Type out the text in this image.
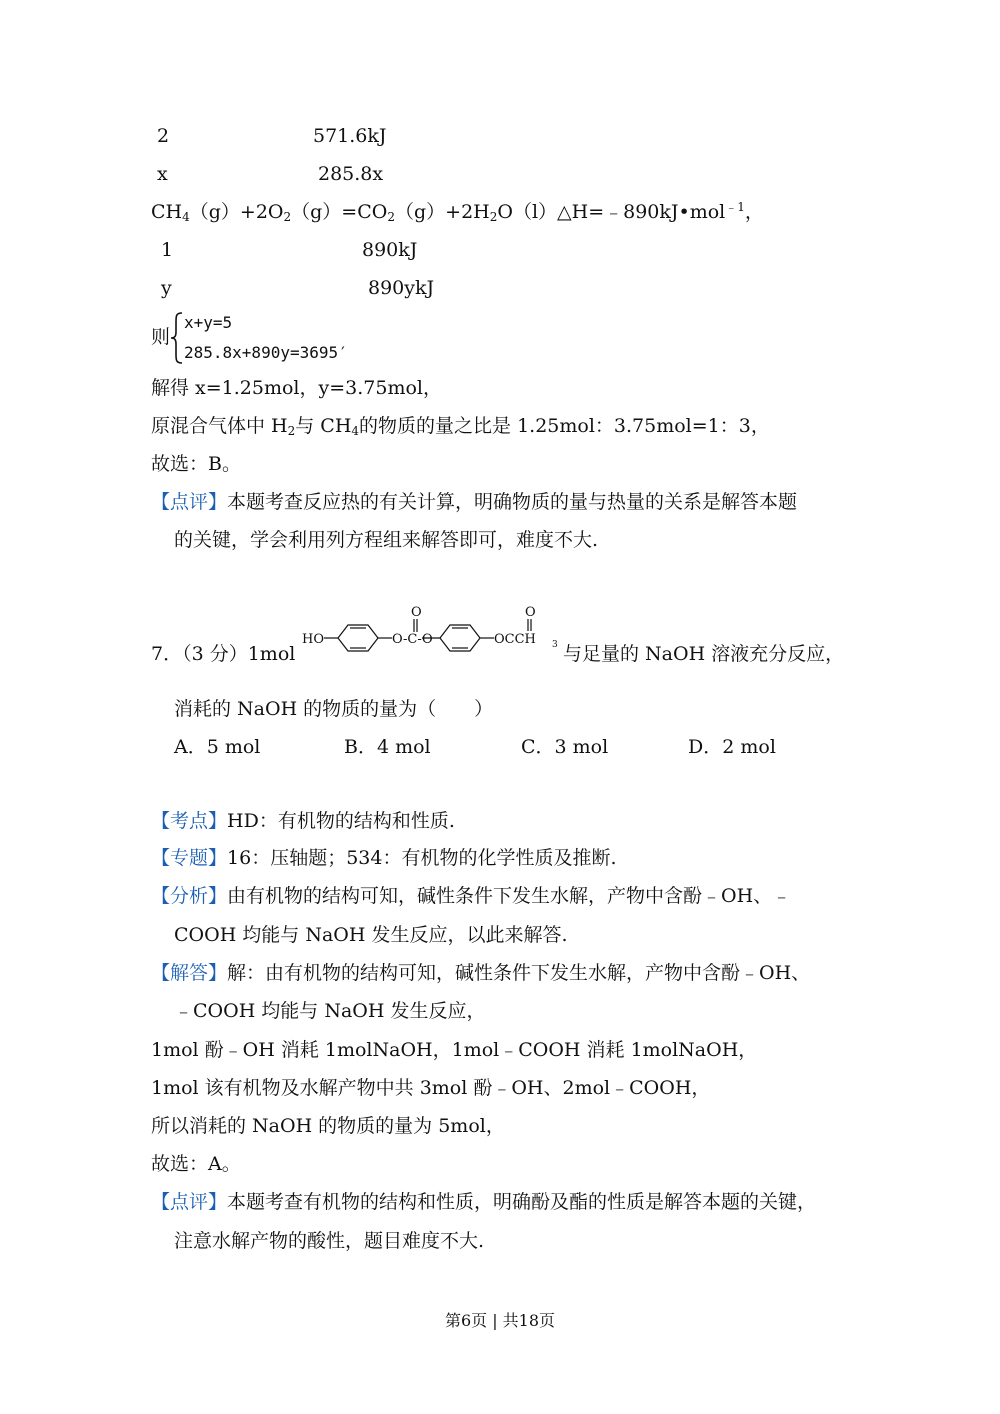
2	571.6kJ
x	285.8x
$CH_4(g)+2O_2(g)=CO_2(g)+2H_2O(l)\triangle H=﹣890kJ•mol^{﹣1}$，
1	890kJ
y	890ykJ
则
x+y=5
285.8x+890y=3695′
解得 x=1.25mol，y=3.75mol，
原混合气体中 $H_2$与 $CH_4$的物质的量之比是 1.25mol：3.75mol=1：3，
故选：B。
【点评】本题考查反应热的有关计算，明确物质的量与热量的关系是解答本题
的关键，学会利用列方程组来解答即可，难度不大.
7．（3 分）1mol
HO	O -C-
O
O	OCCH 3
O
与足量的 NaOH 溶液充分反应，
消耗的 NaOH 的物质的量为（　　）
A．5 mol	B．4 mol	C．3 mol	D．2 mol
【考点】HD：有机物的结构和性质.
【专题】16：压轴题；534：有机物的化学性质及推断.
【分析】由有机物的结构可知，碱性条件下发生水解，产物中含酚﹣OH、﹣
COOH 均能与 NaOH 发生反应，以此来解答.
【解答】解：由有机物的结构可知，碱性条件下发生水解，产物中含酚﹣OH、
﹣COOH 均能与 NaOH 发生反应，
1mol 酚﹣OH 消耗 1molNaOH，1mol﹣COOH 消耗 1molNaOH，
1mol 该有机物及水解产物中共 3mol 酚﹣OH、2mol﹣COOH，
所以消耗的 NaOH 的物质的量为 5mol，
故选：A。
【点评】本题考查有机物的结构和性质，明确酚及酯的性质是解答本题的关键，
注意水解产物的酸性，题目难度不大.
第6页 | 共18页
